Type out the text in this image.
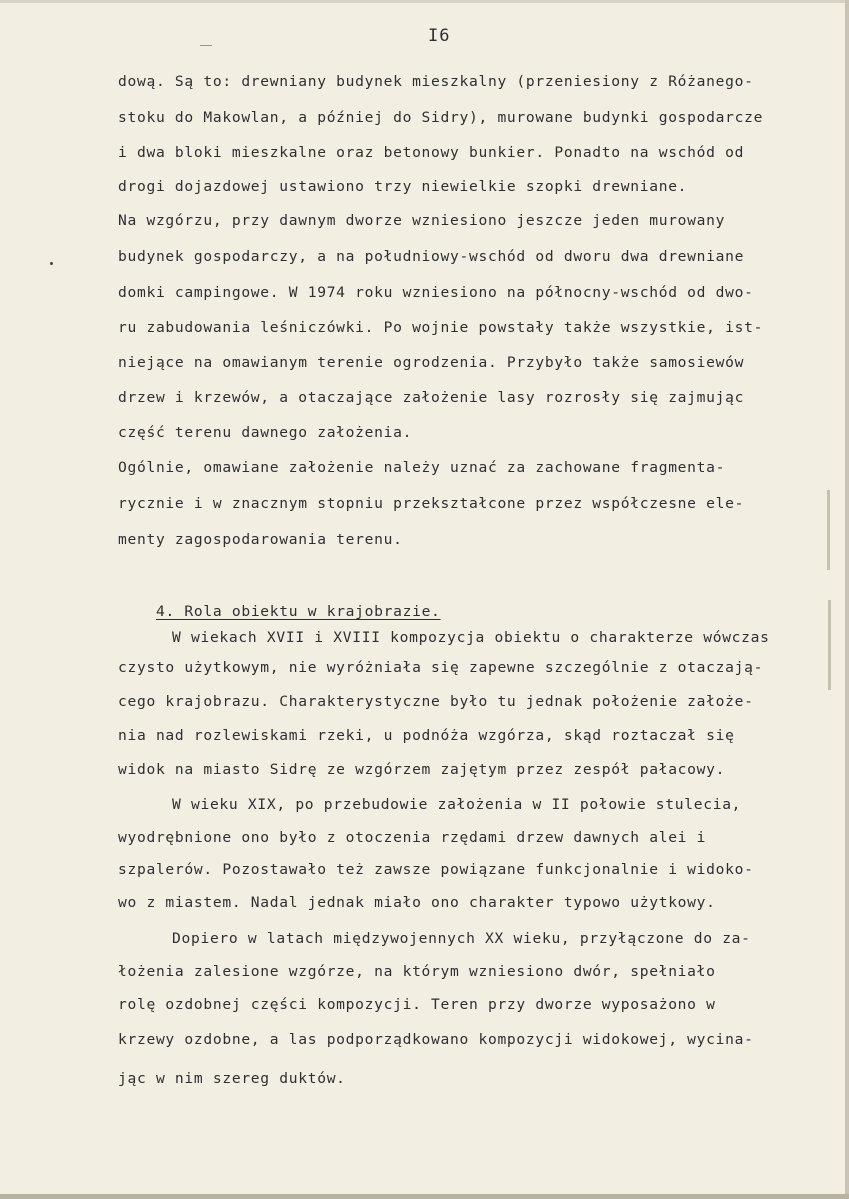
I6
dową. Są to: drewniany budynek mieszkalny (przeniesiony z Różanego-
stoku do Makowlan, a później do Sidry), murowane budynki gospodarcze
i dwa bloki mieszkalne oraz betonowy bunkier. Ponadto na wschód od
drogi dojazdowej ustawiono trzy niewielkie szopki drewniane.
Na wzgórzu, przy dawnym dworze wzniesiono jeszcze jeden murowany
budynek gospodarczy, a na południowy-wschód od dworu dwa drewniane
domki campingowe. W 1974 roku wzniesiono na północny-wschód od dwo-
ru zabudowania leśniczówki. Po wojnie powstały także wszystkie, ist-
niejące na omawianym terenie ogrodzenia. Przybyło także samosiewów
drzew i krzewów, a otaczające założenie lasy rozrosły się zajmując
część terenu dawnego założenia.
Ogólnie, omawiane założenie należy uznać za zachowane fragmenta-
rycznie i w znacznym stopniu przekształcone przez współczesne ele-
menty zagospodarowania terenu.

4. Rola obiektu w krajobrazie.

W wiekach XVII i XVIII kompozycja obiektu o charakterze wówczas
czysto użytkowym, nie wyróżniała się zapewne szczególnie z otaczają-
cego krajobrazu. Charakterystyczne było tu jednak położenie założe-
nia nad rozlewiskami rzeki, u podnóża wzgórza, skąd roztaczał się
widok na miasto Sidrę ze wzgórzem zajętym przez zespół pałacowy.
W wieku XIX, po przebudowie założenia w II połowie stulecia,
wyodrębnione ono było z otoczenia rzędami drzew dawnych alei i
szpalerów. Pozostawało też zawsze powiązane funkcjonalnie i widoko-
wo z miastem. Nadal jednak miało ono charakter typowo użytkowy.
Dopiero w latach międzywojennych XX wieku, przyłączone do za-
łożenia zalesione wzgórze, na którym wzniesiono dwór, spełniało
rolę ozdobnej części kompozycji. Teren przy dworze wyposażono w
krzewy ozdobne, a las podporządkowano kompozycji widokowej, wycina-
jąc w nim szereg duktów.
